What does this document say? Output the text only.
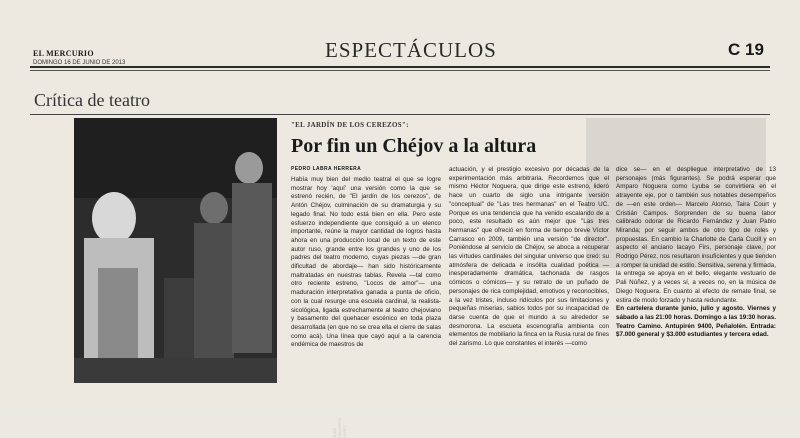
EL MERCURIO
DOMINGO 16 DE JUNIO DE 2013
ESPECTÁCULOS	C 19
Crítica de teatro
JUAN EDUARDO LOPEZ
"EL JARDÍN DE LOS CEREZOS":
Por fin un Chéjov a la altura
PEDRO LABRA HERRERA

Había muy bien del medio teatral el que se logre mostrar hoy 'aquí' una versión como la que se estrenó recién, de "El jardín de los cerezos", de Antón Chéjov, culminación de su dramaturgia y su legado final. No todo está bien en ella. Pero este esfuerzo independiente que consiguió a un elenco importante, reúne la mayor cantidad de logros hasta ahora en una producción local de un texto de este autor ruso, grande entre los grandes y uno de los padres del teatro moderno, cuyas piezas —de gran dificultad de abordaje— han sido históricamente maltratadas en nuestras tablas. Revela —tal como otro reciente estreno, "Locos de amor"— una maduración interpretativa ganada a punta de oficio, con la cual resurge una escuela cardinal, la realista-sicológica, ligada estrechamente al teatro chejoviano y basamento del quehacer escénico en toda plaza desarrollada (en que no se crea ella el cierre de salas como acá). Una línea que cayó aquí a la carencia endémica de maestros de

actuación, y el prestigio excesivo por décadas de la experimentación más arbitraria. Recordemos que el mismo Héctor Noguera, que dirige este estreno, lideró hace un cuarto de siglo una intrigante versión "conceptual" de "Las tres hermanas" en el Teatro UC. Porque es una tendencia que ha venido escalando de a poco, este resultado es aún mejor que "Las tres hermanas" que ofreció en forma de tiempo breve Víctor Carrasco en 2009, también una versión "de director". Poniéndose al servicio de Chéjov, se aboca a recuperar las virtudes cardinales del singular universo que creó: su atmósfera de delicada e insólita cualidad poética —inesperadamente dramática, tachonada de rasgos cómicos o cómicos— y su retrato de un puñado de personajes de rica complejidad, emotivos y reconocibles, a la vez tristes, incluso ridículos por sus limitaciones y pequeñas miserias, sabios todos por su incapacidad de darse cuenta de que el mundo a su alrededor se desmorona. La escueta escenografía ambienta con elementos de mobiliario la finca en la Rusia rural de fines del zarismo. Lo que constantes el interés —como

dice se— en el despliegue interpretativo de 13 personajes (más figurantes). Se podrá esperar que Amparo Noguera como Lyuba se convirtiera en el atrayente eje, por o también sus notables desempeños de —en este orden— Marcelo Alonso, Taira Court y Cristián Campos. Sorprenden de su buena labor calibrado odorar de Ricardo Fernández y Juan Pablo Miranda; por seguir ambos de otro tipo de roles y propuestas. En cambio la Charlotte de Carla Cucill y en aspecto el anciano lacayo Firs, personaje clave, por Rodrigo Pérez, nos resultaron insuficientes y que tienden a romper la unidad de estilo. Sensitiva, serena y firmada, la entrega se apoya en el bello, elegante vestuario de Pali Núñez, y a veces sí, a veces no, en la música de Diego Noguera. En cuanto al efecto de remate final, se estira de modo forzado y hasta redundante.

En cartelera durante junio, julio y agosto. Viernes y sábado a las 21:00 horas. Domingo a las 19:30 horas. Teatro Camino. Antupirén 9400, Peñalolén. Entrada: $7.000 general y $3.000 estudiantes y tercera edad.
